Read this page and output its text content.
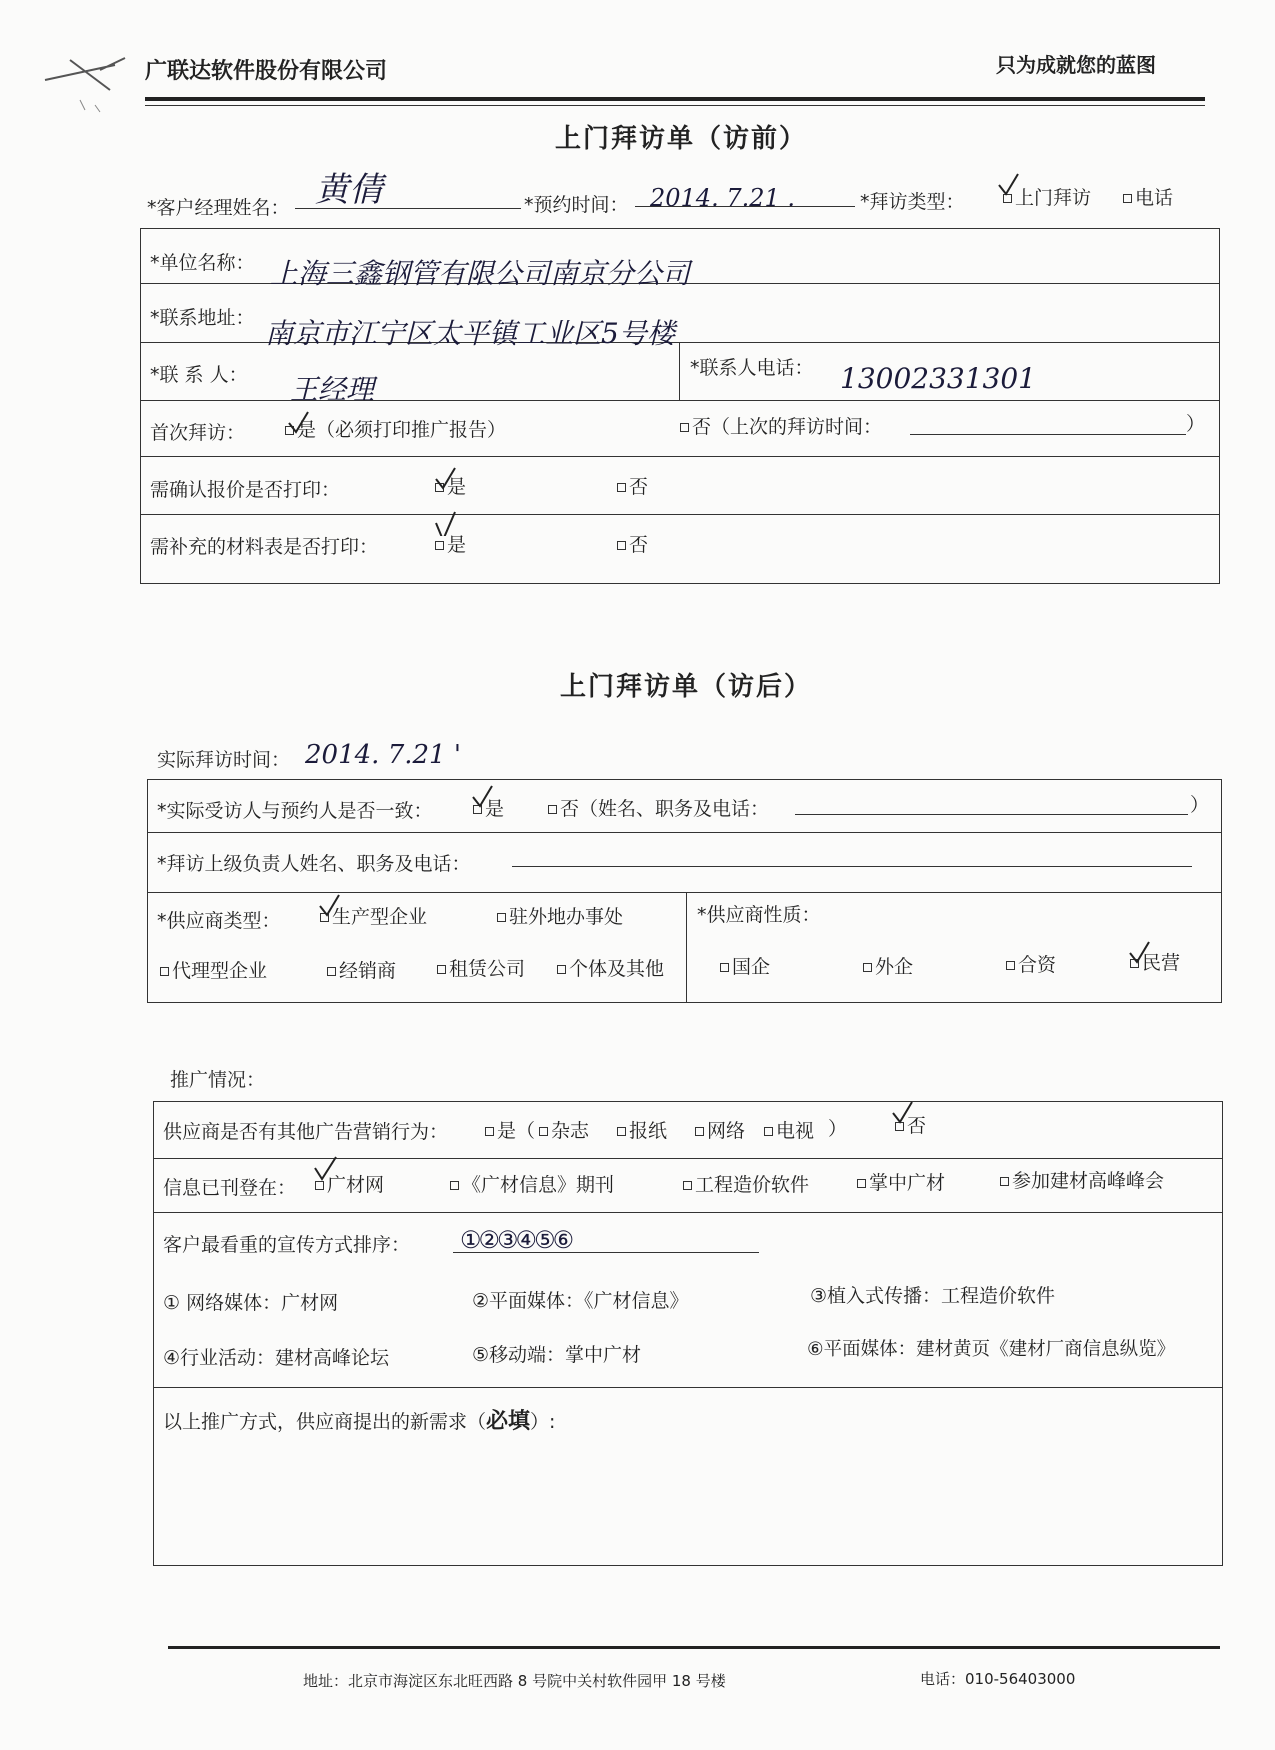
广联达软件股份有限公司	只为成就您的蓝图
上门拜访单（访前）
*客户经理姓名： 黄倩	*预约时间： 2014. 7.21 .	*拜访类型：	上门拜访	电话
*单位名称： 上海三鑫钢管有限公司南京分公司
*联系地址： 南京市江宁区太平镇工业区5号楼
*联 系 人： 王经理
*联系人电话： 13002331301
首次拜访：	是（必须打印推广报告）	否（上次的拜访时间：	）
需确认报价是否打印：	是	否
需补充的材料表是否打印：	是	否
上门拜访单（访后）
实际拜访时间： 2014. 7.21 '
*实际受访人与预约人是否一致：	是	否（姓名、职务及电话：	）
*拜访上级负责人姓名、职务及电话：
*供应商类型：	生产型企业	驻外地办事处
代理型企业	经销商	租赁公司	个体及其他
*供应商性质：
国企	外企	合资	民营
推广情况：
供应商是否有其他广告营销行为：	是（ 杂志	报纸	网络	电视 ）	否
信息已刊登在：	广材网	《广材信息》期刊	工程造价软件	掌中广材	参加建材高峰峰会
客户最看重的宣传方式排序： ①②③④⑤⑥
① 网络媒体：广材网	②平面媒体：《广材信息》	③植入式传播：工程造价软件
④行业活动：建材高峰论坛	⑤移动端：掌中广材	⑥平面媒体：建材黄页《建材厂商信息纵览》
以上推广方式，供应商提出的新需求（必填）:
地址：北京市海淀区东北旺西路 8 号院中关村软件园甲 18 号楼	电话：010-56403000
